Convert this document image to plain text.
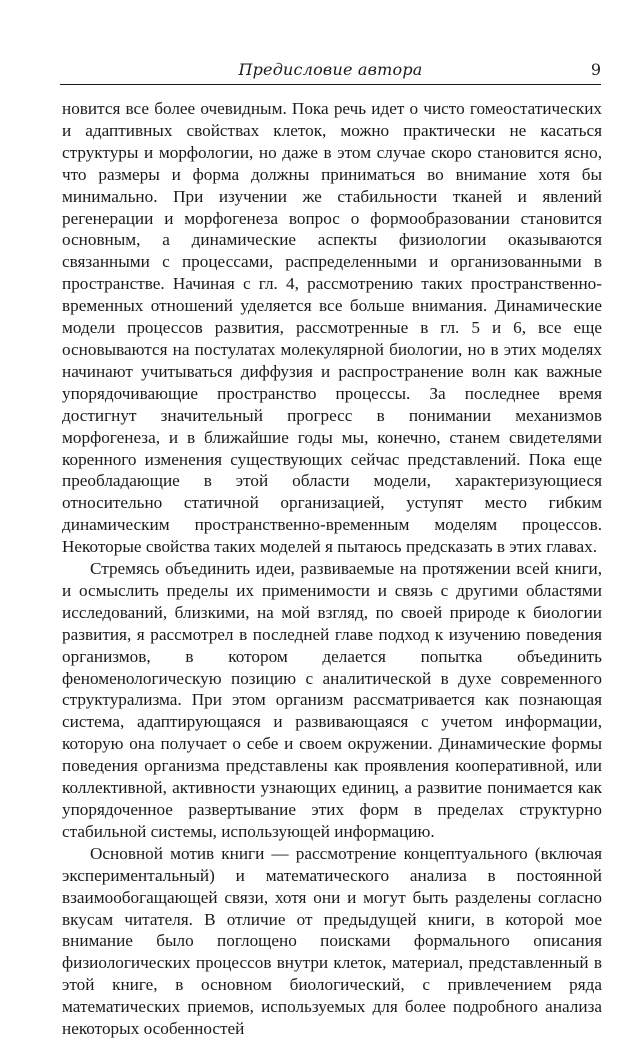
Предисловие автора	9

новится все более очевидным. Пока речь идет о чисто гомеостатических и адаптивных свойствах клеток, можно практически не касаться структуры и морфологии, но даже в этом случае скоро становится ясно, что размеры и форма должны приниматься во внимание хотя бы минимально. При изучении же стабильности тканей и явлений регенерации и морфогенеза вопрос о формообразовании становится основным, а динамические аспекты физиологии оказываются связанными с процессами, распределенными и организованными в пространстве. Начиная с гл. 4, рассмотрению таких пространственно-временных отношений уделяется все больше внимания. Динамические модели процессов развития, рассмотренные в гл. 5 и 6, все еще основываются на постулатах молекулярной биологии, но в этих моделях начинают учитываться диффузия и распространение волн как важные упорядочивающие пространство процессы. За последнее время достигнут значительный прогресс в понимании механизмов морфогенеза, и в ближайшие годы мы, конечно, станем свидетелями коренного изменения существующих сейчас представлений. Пока еще преобладающие в этой области модели, характеризующиеся относительно статичной организацией, уступят место гибким динамическим пространственно-временным моделям процессов. Некоторые свойства таких моделей я пытаюсь предсказать в этих главах.

Стремясь объединить идеи, развиваемые на протяжении всей книги, и осмыслить пределы их применимости и связь с другими областями исследований, близкими, на мой взгляд, по своей природе к биологии развития, я рассмотрел в последней главе подход к изучению поведения организмов, в котором делается попытка объединить феноменологическую позицию с аналитической в духе современного структурализма. При этом организм рассматривается как познающая система, адаптирующаяся и развивающаяся с учетом информации, которую она получает о себе и своем окружении. Динамические формы поведения организма представлены как проявления кооперативной, или коллективной, активности узнающих единиц, а развитие понимается как упорядоченное развертывание этих форм в пределах структурно стабильной системы, использующей информацию.

Основной мотив книги — рассмотрение концептуального (включая экспериментальный) и математического анализа в постоянной взаимообогащающей связи, хотя они и могут быть разделены согласно вкусам читателя. В отличие от предыдущей книги, в которой мое внимание было поглощено поисками формального описания физиологических процессов внутри клеток, материал, представленный в этой книге, в основном биологический, с привлечением ряда математических приемов, используемых для более подробного анализа некоторых особенностей
